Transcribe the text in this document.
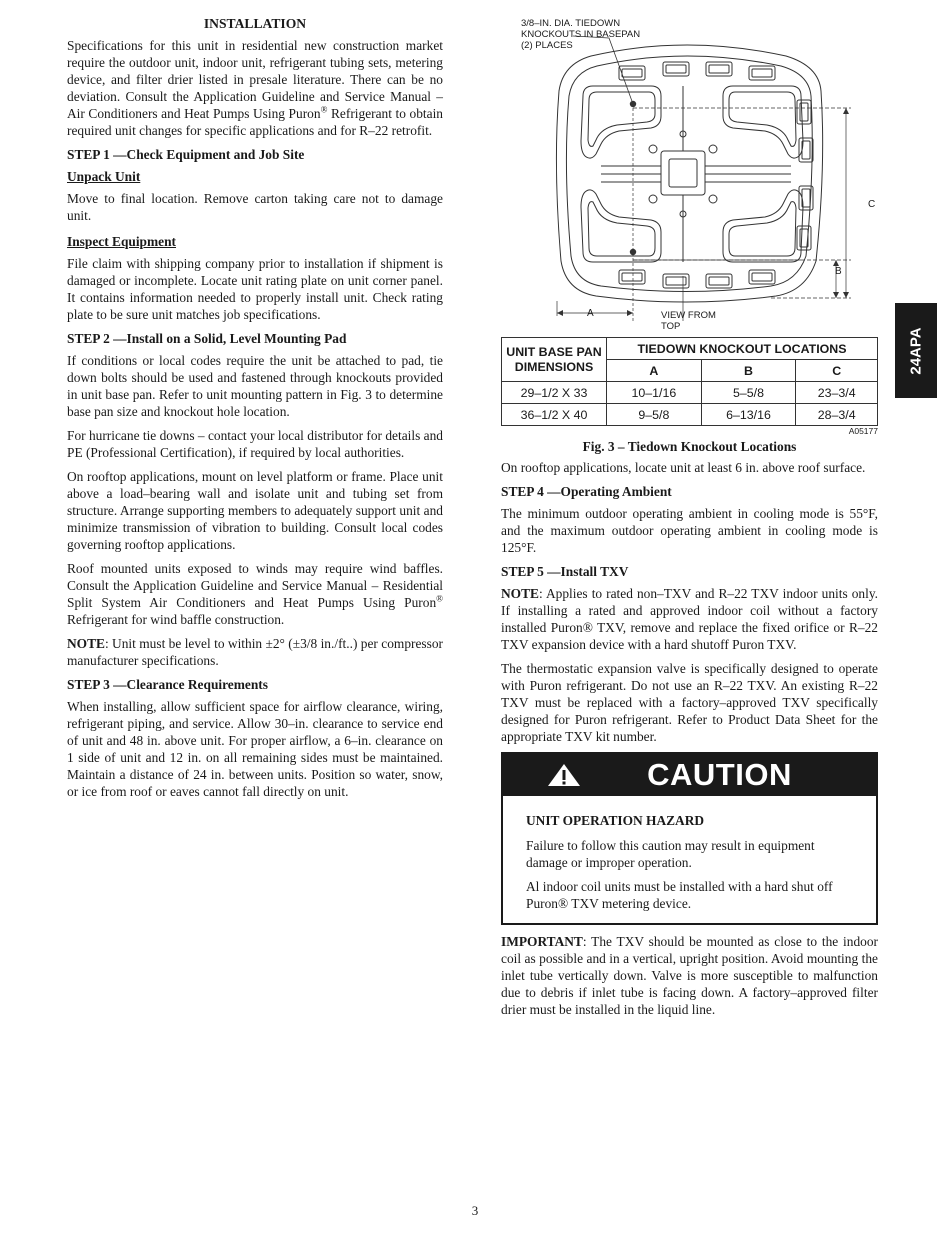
INSTALLATION

Specifications for this unit in residential new construction market require the outdoor unit, indoor unit, refrigerant tubing sets, metering device, and filter drier listed in presale literature. There can be no deviation. Consult the Application Guideline and Service Manual – Air Conditioners and Heat Pumps Using Puron® Refrigerant to obtain required unit changes for specific applications and for R–22 retrofit.

STEP 1 —Check Equipment and Job Site
Unpack Unit

Move to final location. Remove carton taking care not to damage unit.

Inspect Equipment

File claim with shipping company prior to installation if shipment is damaged or incomplete. Locate unit rating plate on unit corner panel. It contains information needed to properly install unit. Check rating plate to be sure unit matches job specifications.

STEP 2 —Install on a Solid, Level Mounting Pad

If conditions or local codes require the unit be attached to pad, tie down bolts should be used and fastened through knockouts provided in unit base pan. Refer to unit mounting pattern in Fig. 3 to determine base pan size and knockout hole location.

For hurricane tie downs – contact your local distributor for details and PE (Professional Certification), if required by local authorities.

On rooftop applications, mount on level platform or frame. Place unit above a load–bearing wall and isolate unit and tubing set from structure. Arrange supporting members to adequately support unit and minimize transmission of vibration to building. Consult local codes governing rooftop applications.

Roof mounted units exposed to winds may require wind baffles. Consult the Application Guideline and Service Manual – Residential Split System Air Conditioners and Heat Pumps Using Puron® Refrigerant for wind baffle construction.

NOTE: Unit must be level to within ±2° (±3/8 in./ft..) per compressor manufacturer specifications.

STEP 3 —Clearance Requirements

When installing, allow sufficient space for airflow clearance, wiring, refrigerant piping, and service. Allow 30–in. clearance to service end of unit and 48 in. above unit. For proper airflow, a 6–in. clearance on 1 side of unit and 12 in. on all remaining sides must be maintained. Maintain a distance of 24 in. between units. Position so water, snow, or ice from roof or eaves cannot fall directly on unit.

3/8–IN. DIA. TIEDOWN
KNOCKOUTS IN BASEPAN
(2) PLACES
A
B
C
VIEW FROM
TOP
UNIT BASE PAN
DIMENSIONS	TIEDOWN KNOCKOUT LOCATIONS		
	A	B	C
29–1/2 X 33	10–1/16	5–5/8	23–3/4
36–1/2 X 40	9–5/8	6–13/16	28–3/4

A05177

Fig. 3 – Tiedown Knockout Locations

On rooftop applications, locate unit at least 6 in. above roof surface.

STEP 4 —Operating Ambient

The minimum outdoor operating ambient in cooling mode is 55°F, and the maximum outdoor operating ambient in cooling mode is 125°F.

STEP 5 —Install TXV

NOTE: Applies to rated non–TXV and R–22 TXV indoor units only. If installing a rated and approved indoor coil without a factory installed Puron® TXV, remove and replace the fixed orifice or R–22 TXV expansion device with a hard shutoff Puron TXV.

The thermostatic expansion valve is specifically designed to operate with Puron refrigerant. Do not use an R–22 TXV. An existing R–22 TXV must be replaced with a factory–approved TXV specifically designed for Puron refrigerant. Refer to Product Data Sheet for the appropriate TXV kit number.

CAUTION
UNIT OPERATION HAZARD

Failure to follow this caution may result in equipment damage or improper operation.

Al indoor coil units must be installed with a hard shut off Puron® TXV metering device.

IMPORTANT: The TXV should be mounted as close to the indoor coil as possible and in a vertical, upright position. Avoid mounting the inlet tube vertically down. Valve is more susceptible to malfunction due to debris if inlet tube is facing down. A factory–approved filter drier must be installed in the liquid line.

24APA
3
